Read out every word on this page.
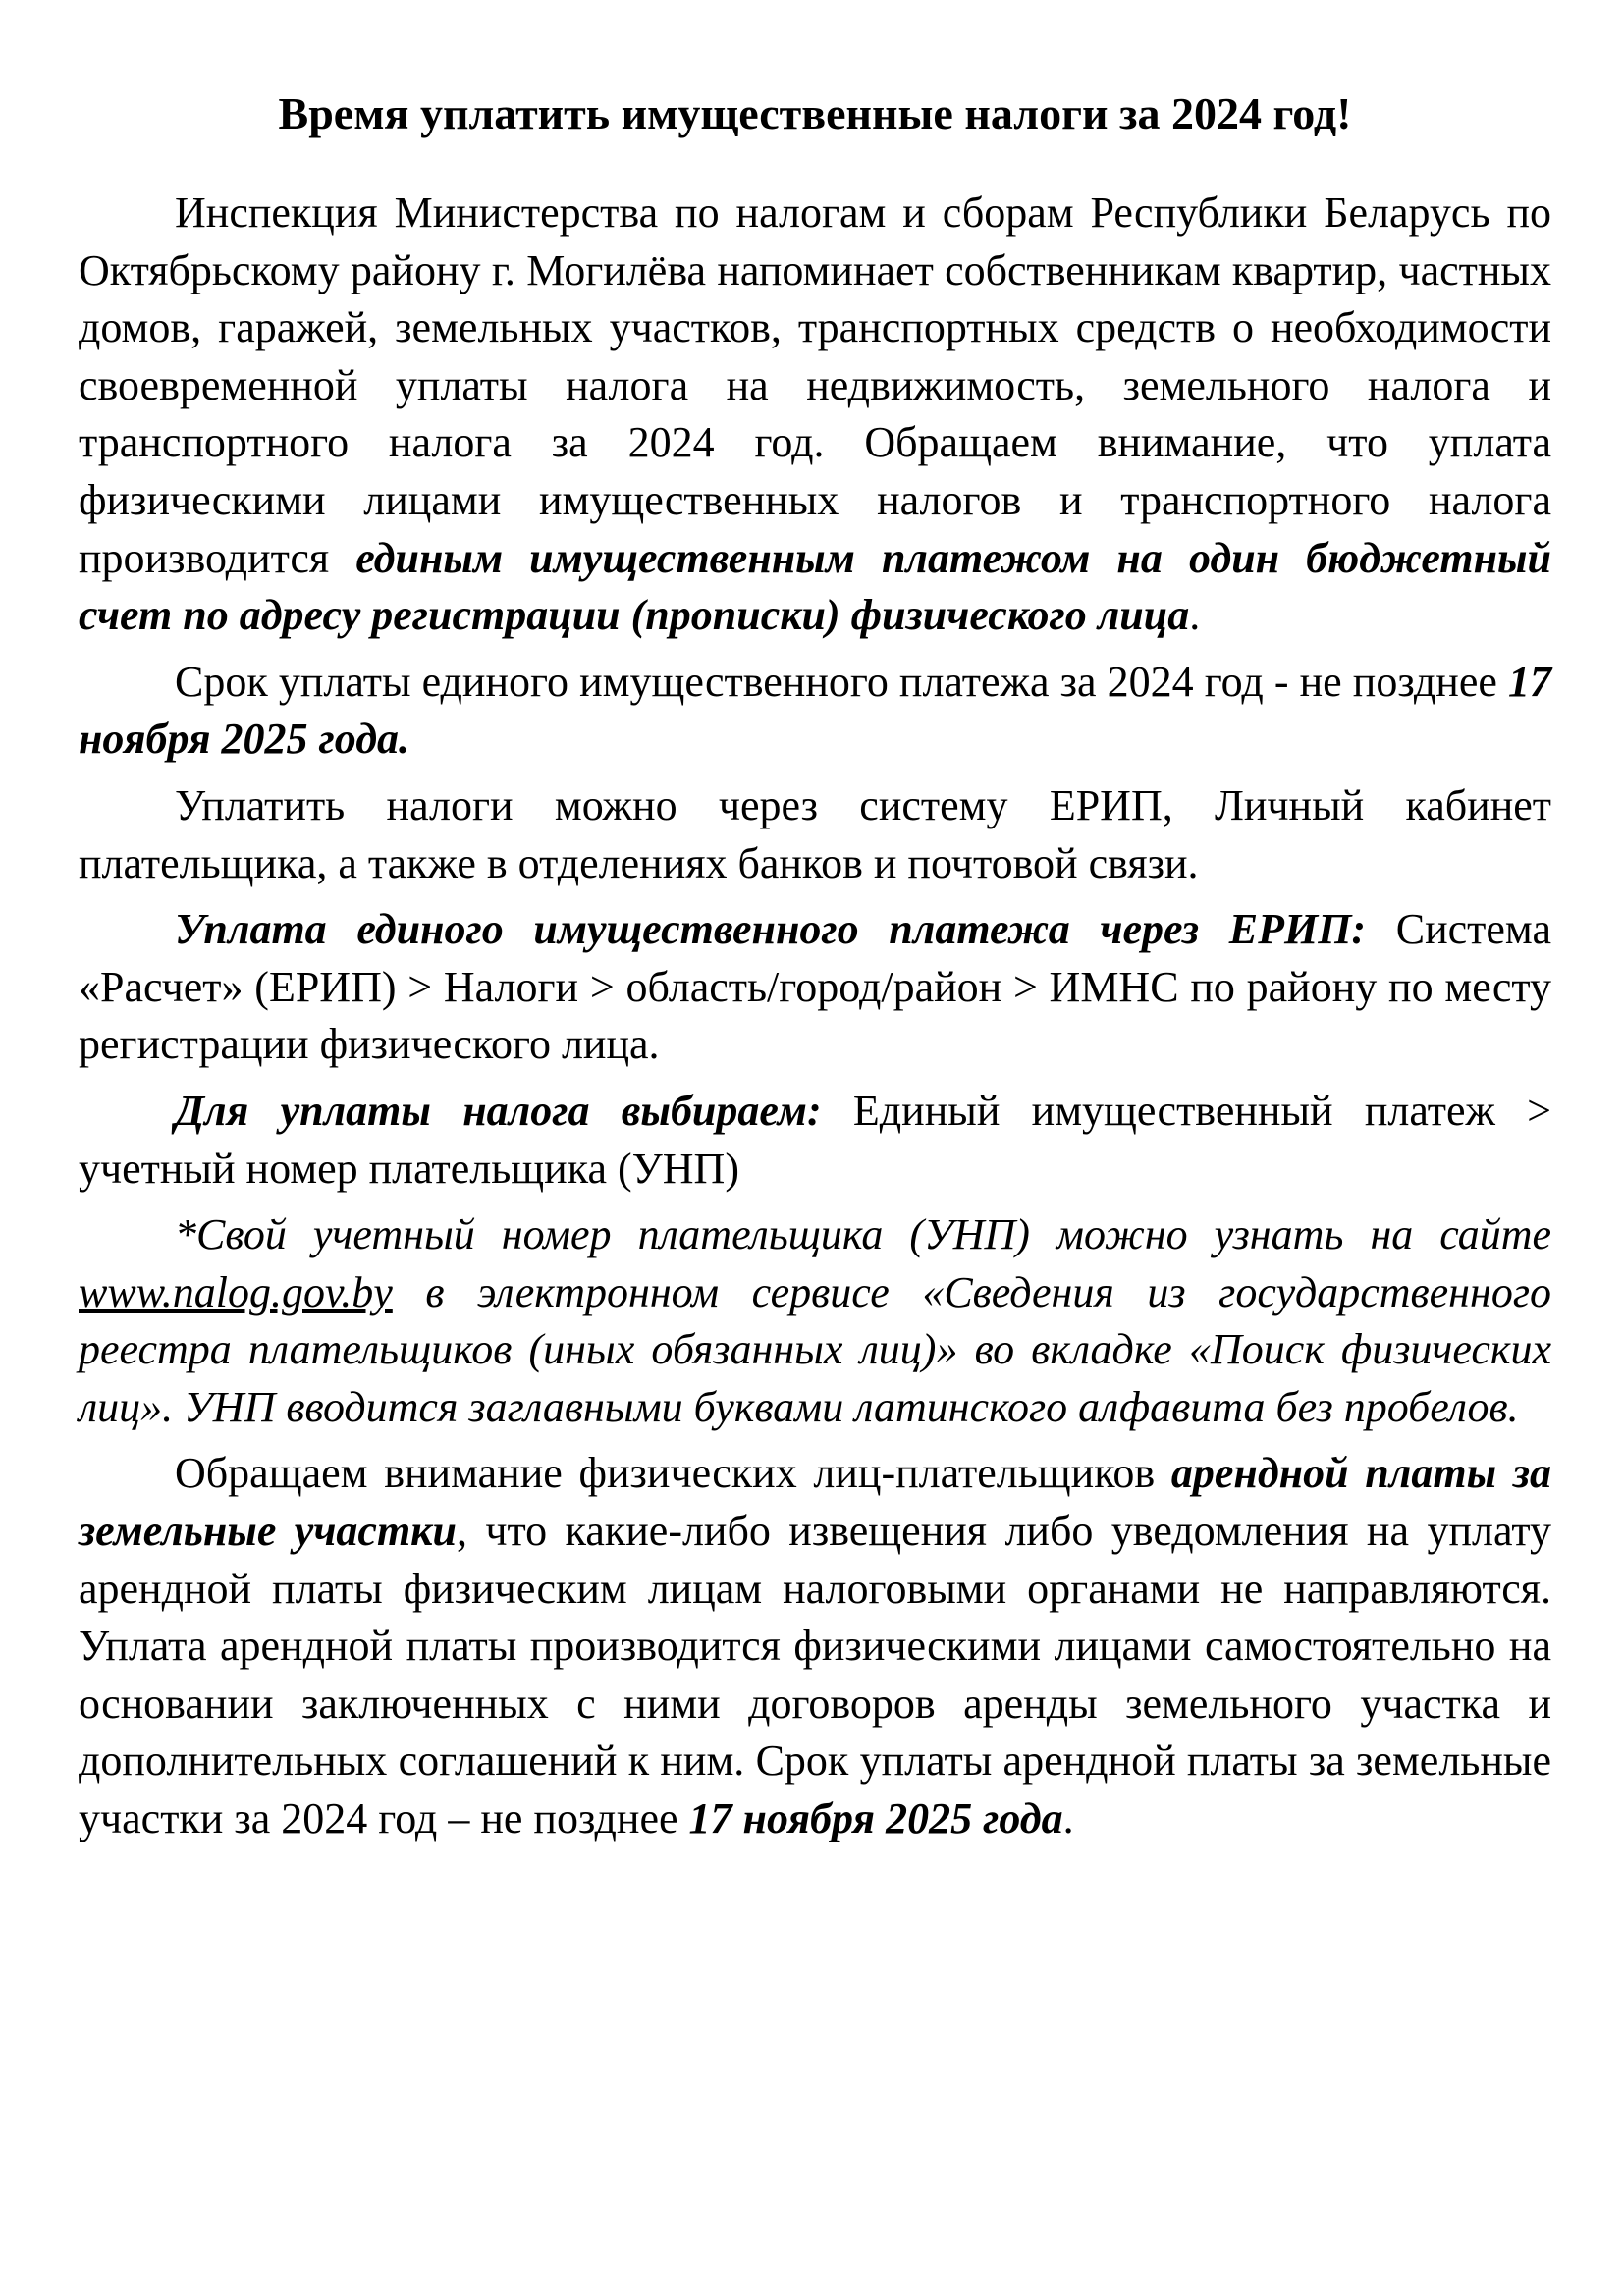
Время уплатить имущественные налоги за 2024 год!

Инспекция Министерства по налогам и сборам Республики Беларусь по Октябрьскому району г. Могилёва напоминает собственникам квартир, частных домов, гаражей, земельных участков, транспортных средств о необходимости своевременной уплаты налога на недвижимость, земельного налога и транспортного налога за 2024 год. Обращаем внимание, что уплата физическими лицами имущественных налогов и транспортного налога производится единым имущественным платежом на один бюджетный счет по адресу регистрации (прописки) физического лица.

Срок уплаты единого имущественного платежа за 2024 год - не позднее 17 ноября 2025 года.

Уплатить налоги можно через систему ЕРИП, Личный кабинет плательщика, а также в отделениях банков и почтовой связи.

Уплата единого имущественного платежа через ЕРИП: Система «Расчет» (ЕРИП) > Налоги > область/город/район > ИМНС по району по месту регистрации физического лица.

Для уплаты налога выбираем: Единый имущественный платеж > учетный номер плательщика (УНП)

*Свой учетный номер плательщика (УНП) можно узнать на сайте www.nalog.gov.by в электронном сервисе «Сведения из государственного реестра плательщиков (иных обязанных лиц)» во вкладке «Поиск физических лиц». УНП вводится заглавными буквами латинского алфавита без пробелов.

Обращаем внимание физических лиц-плательщиков арендной платы за земельные участки, что какие-либо извещения либо уведомления на уплату арендной платы физическим лицам налоговыми органами не направляются. Уплата арендной платы производится физическими лицами самостоятельно на основании заключенных с ними договоров аренды земельного участка и дополнительных соглашений к ним. Срок уплаты арендной платы за земельные участки за 2024 год – не позднее 17 ноября 2025 года.
